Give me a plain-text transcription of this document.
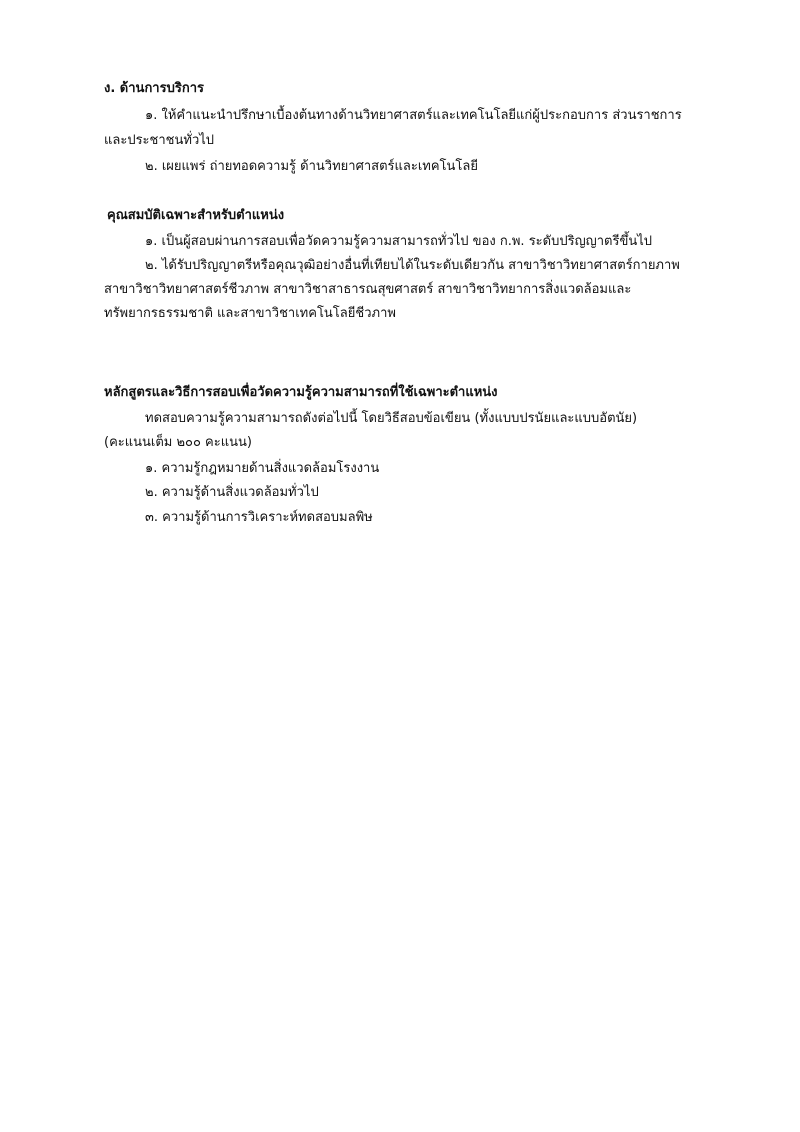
ง. ด้านการบริการ
๑. ให้คำแนะนำปรึกษาเบื้องต้นทางด้านวิทยาศาสตร์และเทคโนโลยีแก่ผู้ประกอบการ ส่วนราชการ
และประชาชนทั่วไป
๒. เผยแพร่ ถ่ายทอดความรู้ ด้านวิทยาศาสตร์และเทคโนโลยี
คุณสมบัติเฉพาะสำหรับตำแหน่ง
๑. เป็นผู้สอบผ่านการสอบเพื่อวัดความรู้ความสามารถทั่วไป ของ ก.พ. ระดับปริญญาตรีขึ้นไป
๒. ได้รับปริญญาตรีหรือคุณวุฒิอย่างอื่นที่เทียบได้ในระดับเดียวกัน สาขาวิชาวิทยาศาสตร์กายภาพ
สาขาวิชาวิทยาศาสตร์ชีวภาพ สาขาวิชาสาธารณสุขศาสตร์ สาขาวิชาวิทยาการสิ่งแวดล้อมและ
ทรัพยากรธรรมชาติ และสาขาวิชาเทคโนโลยีชีวภาพ
หลักสูตรและวิธีการสอบเพื่อวัดความรู้ความสามารถที่ใช้เฉพาะตำแหน่ง
ทดสอบความรู้ความสามารถดังต่อไปนี้ โดยวิธีสอบข้อเขียน (ทั้งแบบปรนัยและแบบอัตนัย)
(คะแนนเต็ม ๒๐๐ คะแนน)
๑. ความรู้กฎหมายด้านสิ่งแวดล้อมโรงงาน
๒. ความรู้ด้านสิ่งแวดล้อมทั่วไป
๓. ความรู้ด้านการวิเคราะห์ทดสอบมลพิษ
